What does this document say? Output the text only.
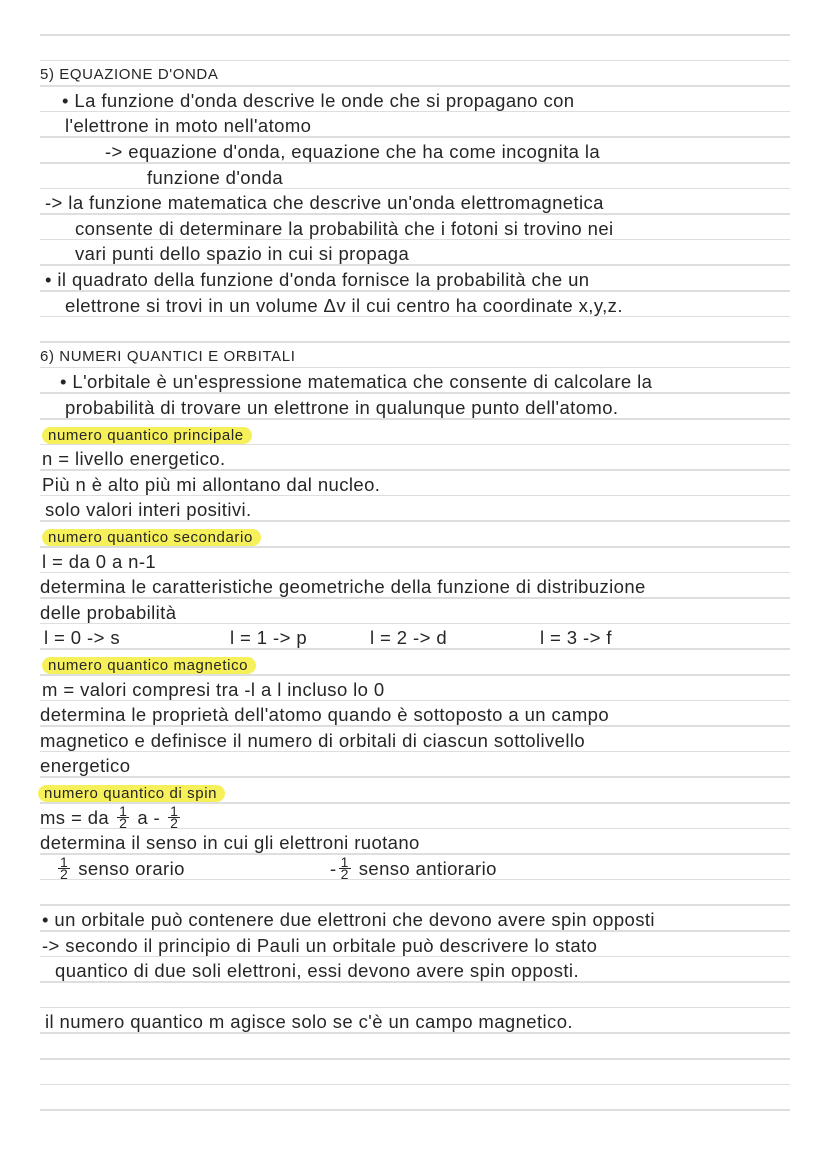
5) EQUAZIONE D'ONDA
• La funzione d'onda descrive le onde che si propagano con
l'elettrone in moto nell'atomo
-> equazione d'onda, equazione che ha come incognita la
funzione d'onda
-> la funzione matematica che descrive un'onda elettromagnetica
consente di determinare la probabilità che i fotoni si trovino nei
vari punti dello spazio in cui si propaga
• il quadrato della funzione d'onda fornisce la probabilità che un
elettrone si trovi in un volume Δv il cui centro ha coordinate x,y,z.
6) NUMERI QUANTICI E ORBITALI
• L'orbitale è un'espressione matematica che consente di calcolare la
probabilità di trovare un elettrone in qualunque punto dell'atomo.
numero quantico principale
n = livello energetico.
Più n è alto più mi allontano dal nucleo.
solo valori interi positivi.
numero quantico secondario
l = da 0 a n-1
determina le caratteristiche geometriche della funzione di distribuzione
delle probabilità
l = 0 -> s	l = 1 -> p	l = 2 -> d	l = 3 -> f
numero quantico magnetico
m = valori compresi tra -l a l incluso lo 0
determina le proprietà dell'atomo quando è sottoposto a un campo
magnetico e definisce il numero di orbitali di ciascun sottolivello
energetico
numero quantico di spin
ms = da $\frac{1}{2}$ a - $\frac{1}{2}$
determina il senso in cui gli elettroni ruotano
$\frac{1}{2}$ senso orario	- $\frac{1}{2}$ senso antiorario
• un orbitale può contenere due elettroni che devono avere spin opposti
-> secondo il principio di Pauli un orbitale può descrivere lo stato
quantico di due soli elettroni, essi devono avere spin opposti.
il numero quantico m agisce solo se c'è un campo magnetico.
